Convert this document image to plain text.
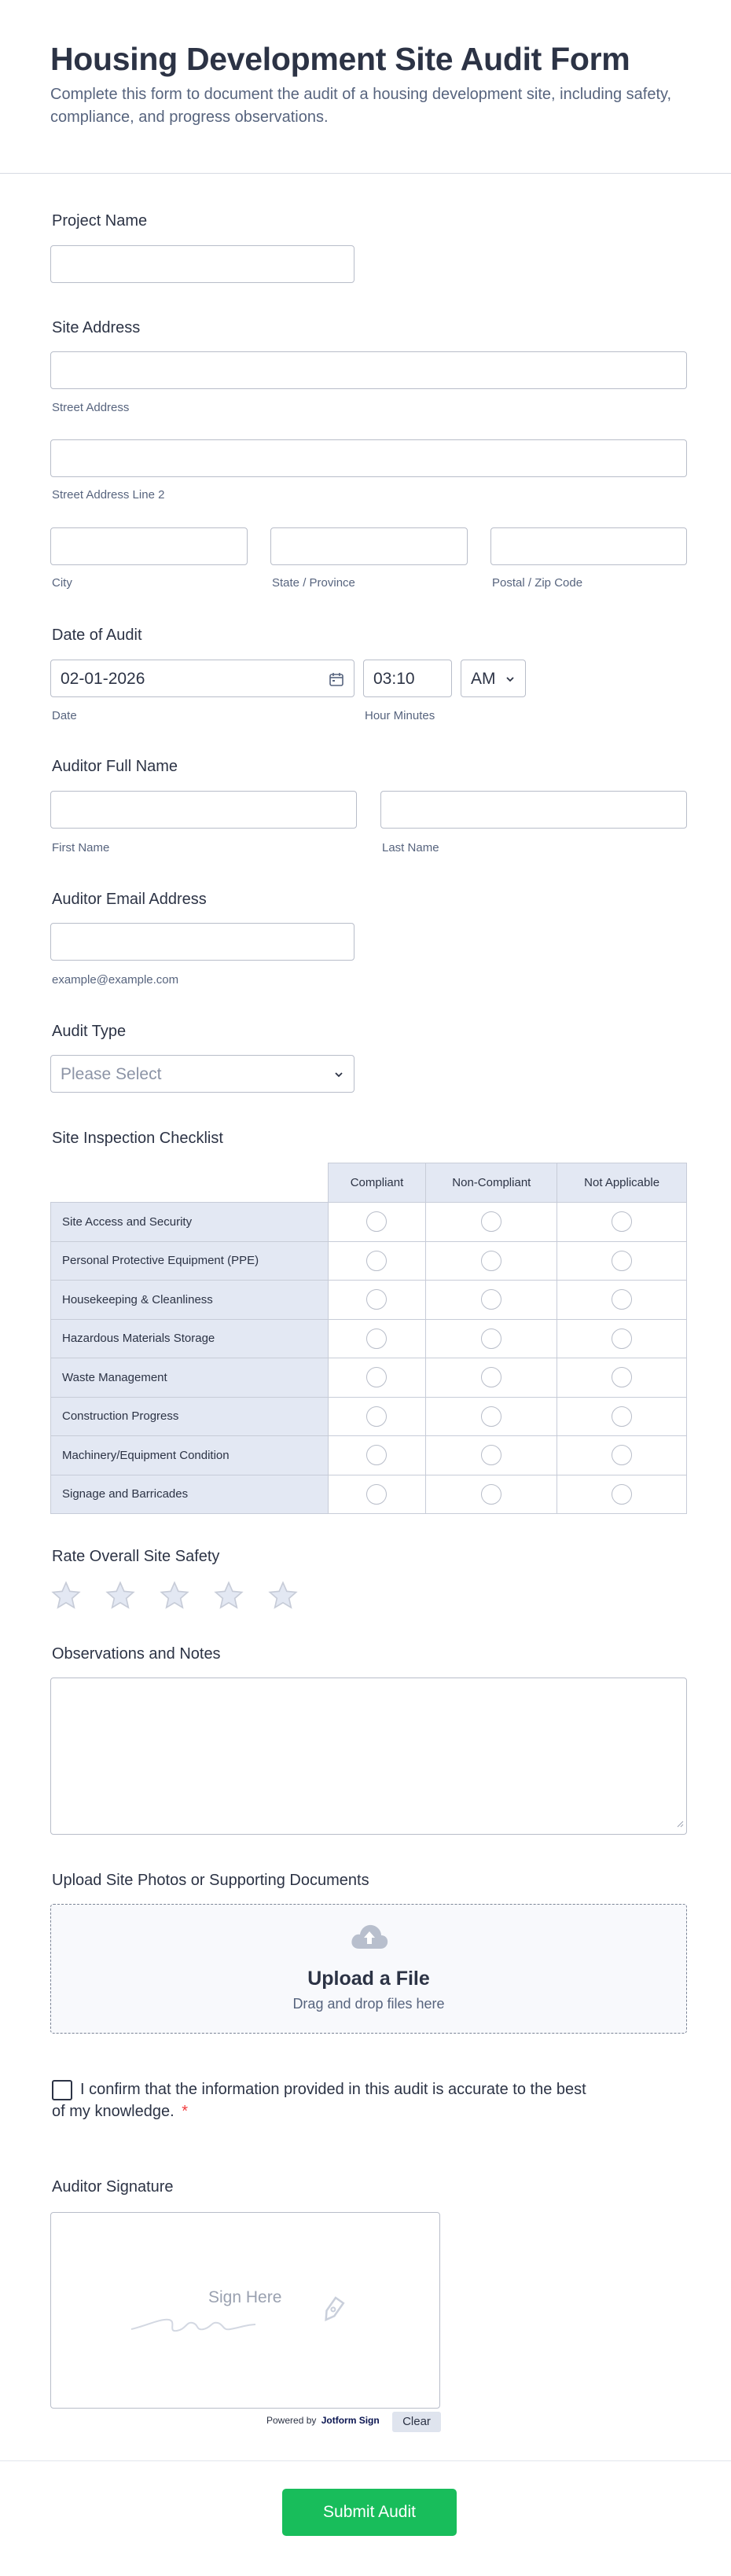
Housing Development Site Audit Form
Complete this form to document the audit of a housing development site, including safety, compliance, and progress observations.
Project Name
Site Address
Street Address
Street Address Line 2
City	State / Province	Postal / Zip Code
Date of Audit
02-01-2026	03:10	AM
Date	Hour Minutes
Auditor Full Name
First Name	Last Name
Auditor Email Address
example@example.com
Audit Type
Please Select
Site Inspection Checklist
	Compliant	Non-Compliant	Not Applicable
Site Access and Security			
Personal Protective Equipment (PPE)			
Housekeeping & Cleanliness			
Hazardous Materials Storage			
Waste Management			
Construction Progress			
Machinery/Equipment Condition			
Signage and Barricades			
Rate Overall Site Safety
Observations and Notes
Upload Site Photos or Supporting Documents
Upload a File
Drag and drop files here
I confirm that the information provided in this audit is accurate to the best of my knowledge. *
Auditor Signature
Sign Here
Powered by Jotform Sign	Clear
Submit Audit
